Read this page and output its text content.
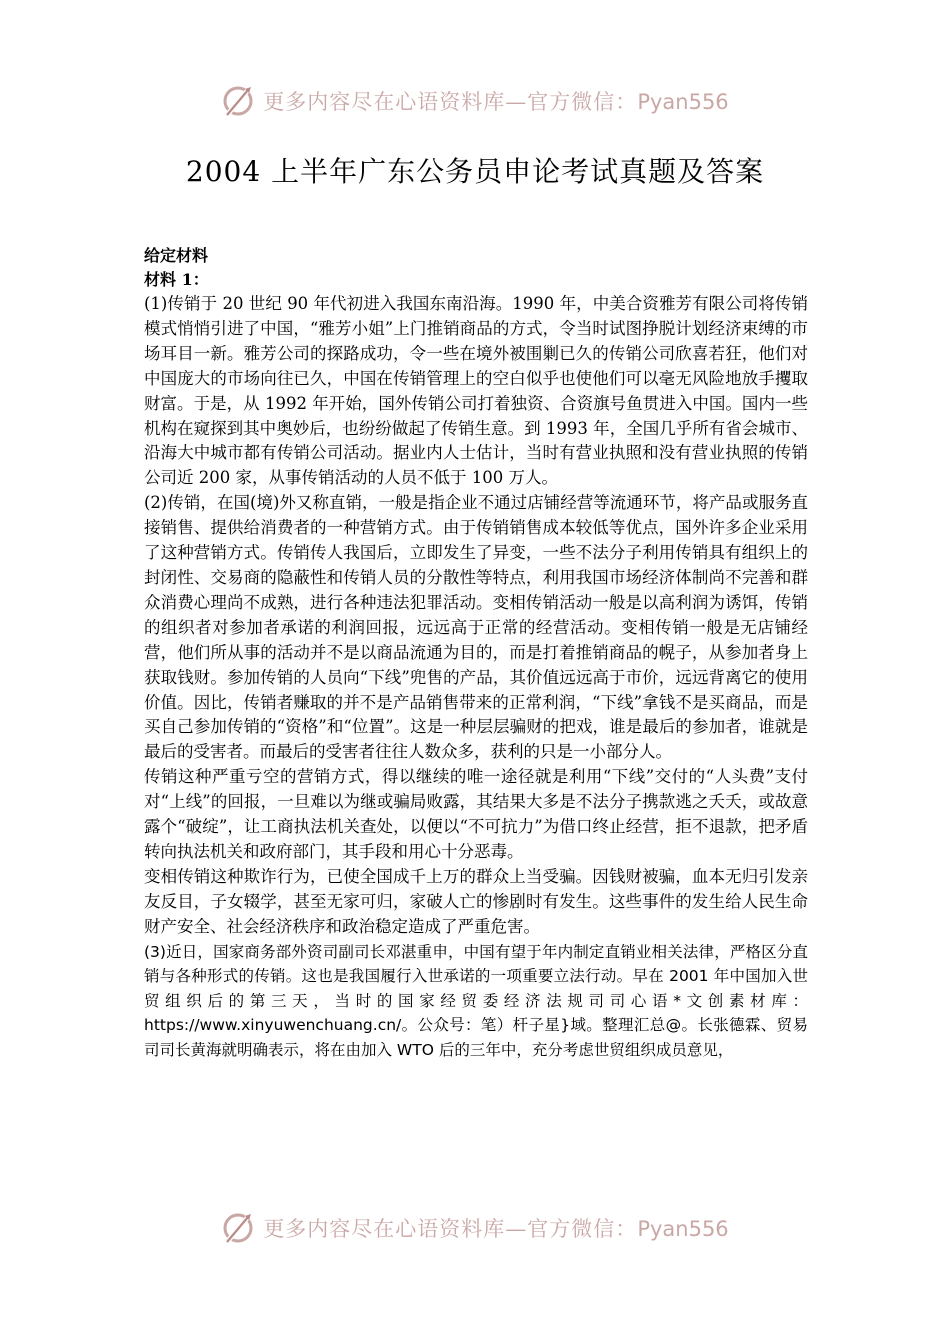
更多内容尽在心语资料库—官方微信：Pyan556
2004 上半年广东公务员申论考试真题及答案
给定材料
材料 1：

(1)传销于 20 世纪 90 年代初进入我国东南沿海。1990 年，中美合资雅芳有限公司将传销模式悄悄引进了中国，“雅芳小姐”上门推销商品的方式，令当时试图挣脱计划经济束缚的市场耳目一新。雅芳公司的探路成功，令一些在境外被围剿已久的传销公司欣喜若狂，他们对中国庞大的市场向往已久，中国在传销管理上的空白似乎也使他们可以毫无风险地放手攫取财富。于是，从 1992 年开始，国外传销公司打着独资、合资旗号鱼贯进入中国。国内一些机构在窥探到其中奥妙后，也纷纷做起了传销生意。到 1993 年，全国几乎所有省会城市、沿海大中城市都有传销公司活动。据业内人士估计，当时有营业执照和没有营业执照的传销公司近 200 家，从事传销活动的人员不低于 100 万人。

(2)传销，在国(境)外又称直销，一般是指企业不通过店铺经营等流通环节，将产品或服务直接销售、提供给消费者的一种营销方式。由于传销销售成本较低等优点，国外许多企业采用了这种营销方式。传销传人我国后，立即发生了异变，一些不法分子利用传销具有组织上的封闭性、交易商的隐蔽性和传销人员的分散性等特点，利用我国市场经济体制尚不完善和群众消费心理尚不成熟，进行各种违法犯罪活动。变相传销活动一般是以高利润为诱饵，传销的组织者对参加者承诺的利润回报，远远高于正常的经营活动。变相传销一般是无店铺经营，他们所从事的活动并不是以商品流通为目的，而是打着推销商品的幌子，从参加者身上获取钱财。参加传销的人员向“下线”兜售的产品，其价值远远高于市价，远远背离它的使用价值。因比，传销者赚取的并不是产品销售带来的正常利润，“下线”拿钱不是买商品，而是买自己参加传销的“资格”和“位置”。这是一种层层骗财的把戏，谁是最后的参加者，谁就是最后的受害者。而最后的受害者往往人数众多，获利的只是一小部分人。

传销这种严重亏空的营销方式，得以继续的唯一途径就是利用“下线”交付的“人头费”支付对“上线”的回报，一旦难以为继或骗局败露，其结果大多是不法分子携款逃之夭夭，或故意露个“破绽”，让工商执法机关查处，以便以“不可抗力”为借口终止经营，拒不退款，把矛盾转向执法机关和政府部门，其手段和用心十分恶毒。

变相传销这种欺诈行为，已使全国成千上万的群众上当受骗。因钱财被骗，血本无归引发亲友反目，子女辍学，甚至无家可归，家破人亡的惨剧时有发生。这些事件的发生给人民生命财产安全、社会经济秩序和政治稳定造成了严重危害。

(3)近日，国家商务部外资司副司长邓湛重申，中国有望于年内制定直销业相关法律，严格区分直销与各种形式的传销。这也是我国履行入世承诺的一项重要立法行动。早在 2001 年中国加入世贸组织后的第三天，当时的国家经贸委经济法规司司心语*文创素材库：https://www.xinyuwenchuang.cn/。公众号：笔）杆子星}域。整理汇总@。长张德霖、贸易司司长黄海就明确表示，将在由加入 WTO 后的三年中，充分考虑世贸组织成员意见，

更多内容尽在心语资料库—官方微信：Pyan556
